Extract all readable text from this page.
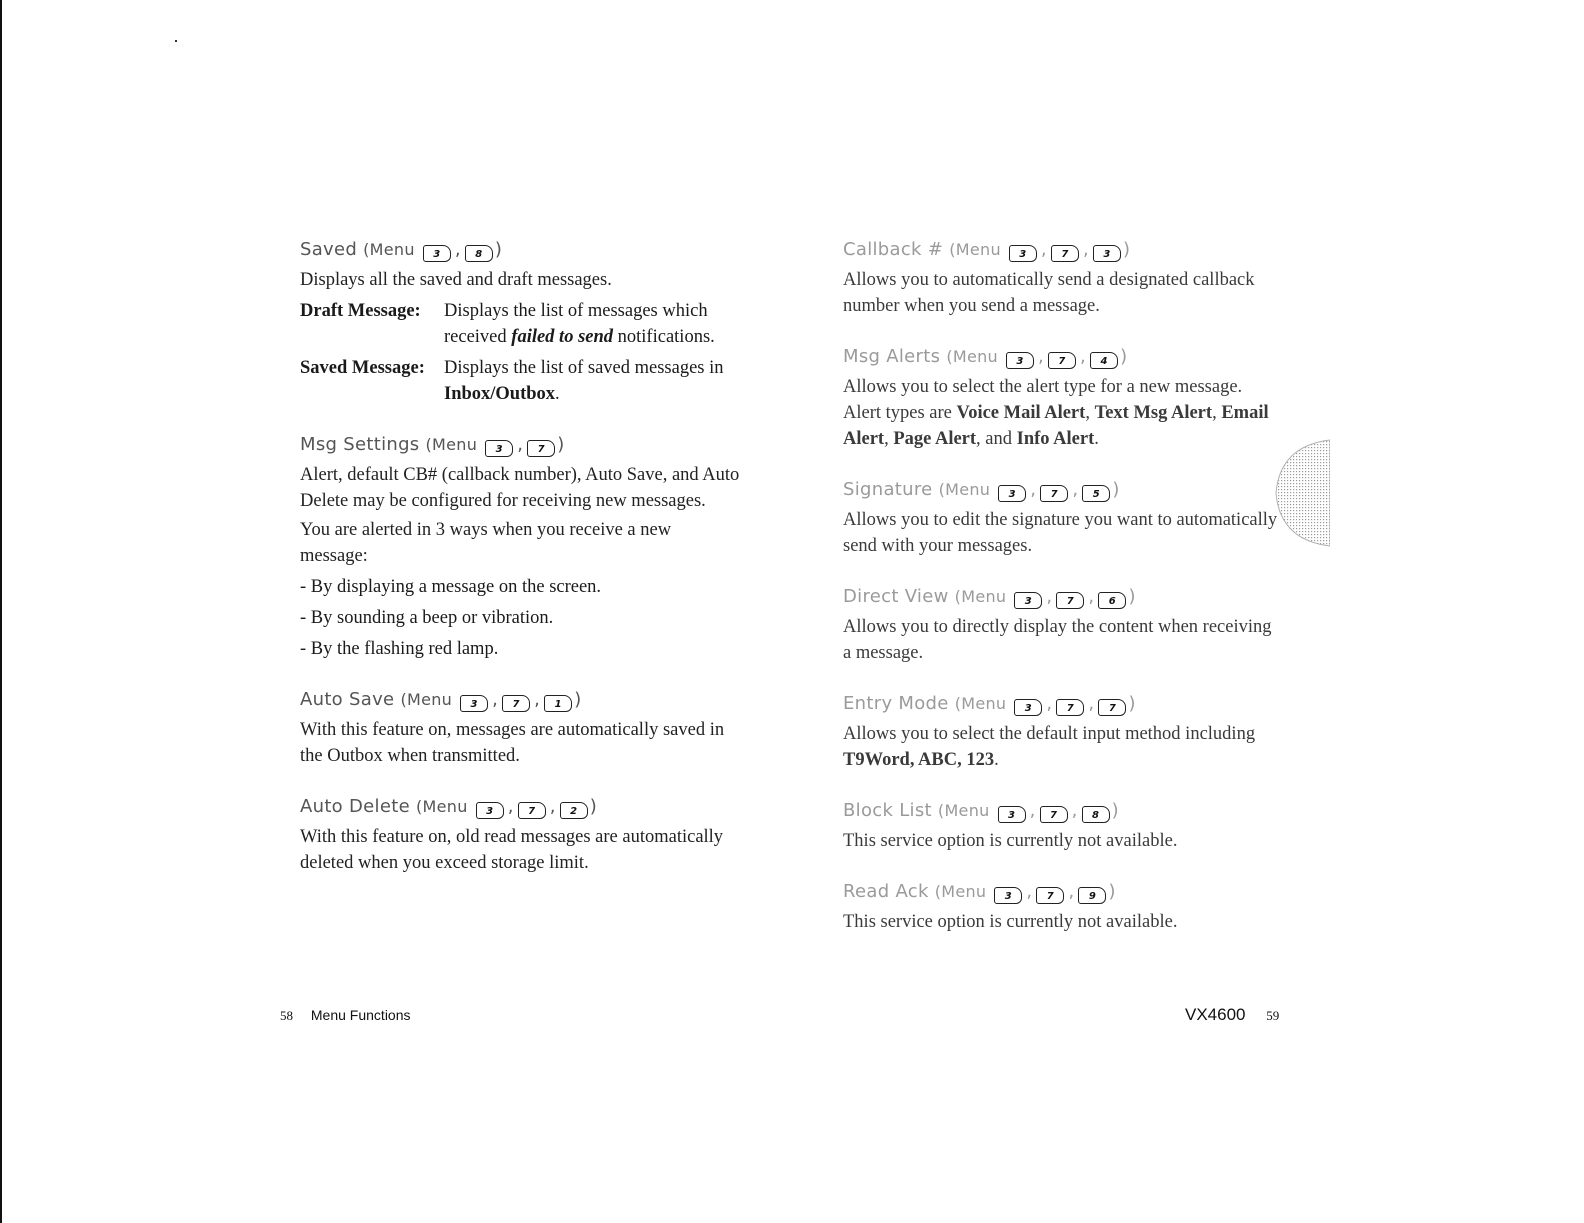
Saved (Menu 3 , 8 )

Displays all the saved and draft messages.

Draft Message:	Displays the list of messages which received failed to send notifications.
Saved Message:	Displays the list of saved messages in Inbox/Outbox.
Msg Settings (Menu 3 , 7 )

Alert, default CB# (callback number), Auto Save, and Auto Delete may be configured for receiving new messages.

You are alerted in 3 ways when you receive a new message:

- By displaying a message on the screen.
- By sounding a beep or vibration.
- By the flashing red lamp.
Auto Save (Menu 3 , 7 , 1 )

With this feature on, messages are automatically saved in the Outbox when transmitted.

Auto Delete (Menu 3 , 7 , 2 )

With this feature on, old read messages are automatically deleted when you exceed storage limit.

Callback # (Menu 3 , 7 , 3 )

Allows you to automatically send a designated callback number when you send a message.

Msg Alerts (Menu 3 , 7 , 4 )

Allows you to select the alert type for a new message. Alert types are Voice Mail Alert, Text Msg Alert, Email Alert, Page Alert, and Info Alert.

Signature (Menu 3 , 7 , 5 )

Allows you to edit the signature you want to automatically send with your messages.

Direct View (Menu 3 , 7 , 6 )

Allows you to directly display the content when receiving a message.

Entry Mode (Menu 3 , 7 , 7 )

Allows you to select the default input method including T9Word, ABC, 123.

Block List (Menu 3 , 7 , 8 )

This service option is currently not available.

Read Ack (Menu 3 , 7 , 9 )

This service option is currently not available.

58 Menu Functions	VX4600 59
